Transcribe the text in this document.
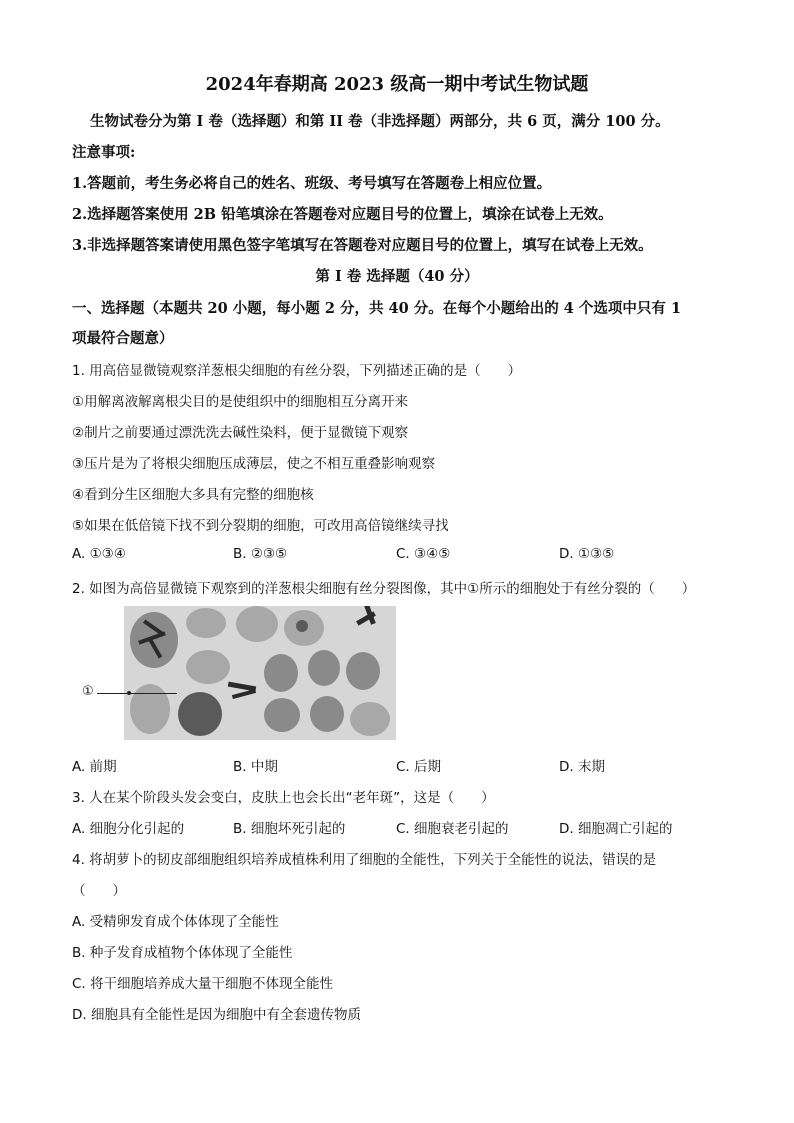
2024年春期高 2023 级高一期中考试生物试题
生物试卷分为第 I 卷（选择题）和第 II 卷（非选择题）两部分，共 6 页，满分 100 分。
注意事项:
1.答题前，考生务必将自己的姓名、班级、考号填写在答题卷上相应位置。
2.选择题答案使用 2B 铅笔填涂在答题卷对应题目号的位置上，填涂在试卷上无效。
3.非选择题答案请使用黑色签字笔填写在答题卷对应题目号的位置上，填写在试卷上无效。
第 I 卷 选择题（40 分）
一、选择题（本题共 20 小题，每小题 2 分，共 40 分。在每个小题给出的 4 个选项中只有 1
项最符合题意）
1. 用高倍显微镜观察洋葱根尖细胞的有丝分裂，下列描述正确的是（　　）
①用解离液解离根尖目的是使组织中的细胞相互分离开来
②制片之前要通过漂洗洗去碱性染料，便于显微镜下观察
③压片是为了将根尖细胞压成薄层，使之不相互重叠影响观察
④看到分生区细胞大多具有完整的细胞核
⑤如果在低倍镜下找不到分裂期的细胞，可改用高倍镜继续寻找
A. ①③④	B. ②③⑤	C. ③④⑤	D. ①③⑤
2. 如图为高倍显微镜下观察到的洋葱根尖细胞有丝分裂图像，其中①所示的细胞处于有丝分裂的（　　）
①
A. 前期	B. 中期	C. 后期	D. 末期
3. 人在某个阶段头发会变白，皮肤上也会长出“老年斑”，这是（　　）
A. 细胞分化引起的	B. 细胞坏死引起的	C. 细胞衰老引起的	D. 细胞凋亡引起的
4. 将胡萝卜的韧皮部细胞组织培养成植株利用了细胞的全能性，下列关于全能性的说法，错误的是
（　　）
A. 受精卵发育成个体体现了全能性
B. 种子发育成植物个体体现了全能性
C. 将干细胞培养成大量干细胞不体现全能性
D. 细胞具有全能性是因为细胞中有全套遗传物质
